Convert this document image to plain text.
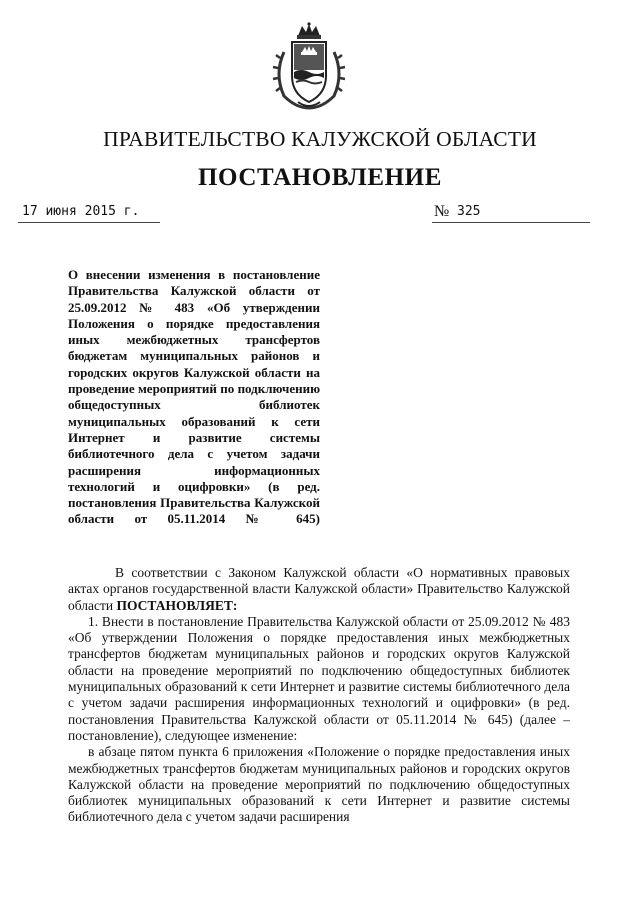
ПРАВИТЕЛЬСТВО КАЛУЖСКОЙ ОБЛАСТИ
ПОСТАНОВЛЕНИЕ
17 июня 2015 г.	№ 325
О внесении изменения в постановление Правительства Калужской области от 25.09.2012 № 483 «Об утверждении Положения о порядке предоставления иных межбюджетных трансфертов бюджетам муниципальных районов и городских округов Калужской области на проведение мероприятий по подключению общедоступных библиотек муниципальных образований к сети Интернет и развитие системы библиотечного дела с учетом задачи расширения информационных технологий и оцифровки» (в ред. постановления Правительства Калужской области от 05.11.2014 № 645)

В соответствии с Законом Калужской области «О нормативных правовых актах органов государственной власти Калужской области» Правительство Калужской области ПОСТАНОВЛЯЕТ:

1. Внести в постановление Правительства Калужской области от 25.09.2012 № 483 «Об утверждении Положения о порядке предоставления иных межбюджетных трансфертов бюджетам муниципальных районов и городских округов Калужской области на проведение мероприятий по подключению общедоступных библиотек муниципальных образований к сети Интернет и развитие системы библиотечного дела с учетом задачи расширения информационных технологий и оцифровки» (в ред. постановления Правительства Калужской области от 05.11.2014 № 645) (далее – постановление), следующее изменение:

в абзаце пятом пункта 6 приложения «Положение о порядке предоставления иных межбюджетных трансфертов бюджетам муниципальных районов и городских округов Калужской области на проведение мероприятий по подключению общедоступных библиотек муниципальных образований к сети Интернет и развитие системы библиотечного дела с учетом задачи расширения
